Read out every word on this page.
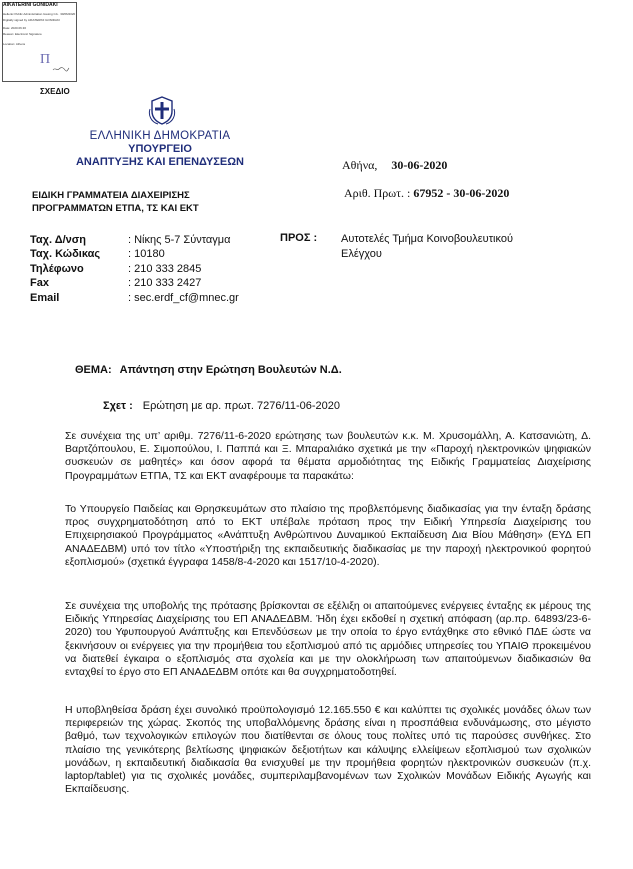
AIKATERINI GONIDAKI
Hellenic Public Administration Issuing CA · 30/06/2020
Digitally signed by AIKATERINI GONIDAKI
Date: 2020.06.30
Reason: Electronic Signature
Location: Athens
Π
ΣΧΕΔΙΟ
ΕΛΛΗΝΙΚΗ ΔΗΜΟΚΡΑΤΙΑ
ΥΠΟΥΡΓΕΙΟ
ΑΝΑΠΤΥΞΗΣ ΚΑΙ ΕΠΕΝΔΥΣΕΩΝ
ΕΙΔΙΚΗ ΓΡΑΜΜΑΤΕΙΑ ΔΙΑΧΕΙΡΙΣΗΣ
ΠΡΟΓΡΑΜΜΑΤΩΝ ΕΤΠΑ, ΤΣ ΚΑΙ ΕΚΤ
Αθήνα, 30-06-2020
Αριθ. Πρωτ. : 67952 - 30-06-2020
Ταχ. Δ/νση	: Νίκης 5-7 Σύνταγμα
Ταχ. Κώδικας	: 10180
Τηλέφωνο	: 210 333 2845
Fax	: 210 333 2427
Email	: sec.erdf_cf@mnec.gr
ΠΡΟΣ : Αυτοτελές Τμήμα Κοινοβουλευτικού Ελέγχου
ΘΕΜΑ: Απάντηση στην Ερώτηση Βουλευτών Ν.Δ.
Σχετ : Ερώτηση με αρ. πρωτ. 7276/11-06-2020
Σε συνέχεια της υπ’ αριθμ. 7276/11-6-2020 ερώτησης των βουλευτών κ.κ. Μ. Χρυσομάλλη, Α. Κατσανιώτη, Δ. Βαρτζόπουλου, Ε. Σιμοπούλου, Ι. Παππά και Ξ. Μπαραλιάκο σχετικά με την «Παροχή ηλεκτρονικών ψηφιακών συσκευών σε μαθητές» και όσον αφορά τα θέματα αρμοδιότητας της Ειδικής Γραμματείας Διαχείρισης Προγραμμάτων ΕΤΠΑ, ΤΣ και ΕΚΤ αναφέρουμε τα παρακάτω:
Το Υπουργείο Παιδείας και Θρησκευμάτων στο πλαίσιο της προβλεπόμενης διαδικασίας για την ένταξη δράσης προς συγχρηματοδότηση από το ΕΚΤ υπέβαλε πρόταση προς την Ειδική Υπηρεσία Διαχείρισης του Επιχειρησιακού Προγράμματος «Ανάπτυξη Ανθρώπινου Δυναμικού Εκπαίδευση Δια Βίου Μάθηση» (ΕΥΔ ΕΠ ΑΝΑΔΕΔΒΜ) υπό τον τίτλο «Υποστήριξη της εκπαιδευτικής διαδικασίας με την παροχή ηλεκτρονικού φορητού εξοπλισμού» (σχετικά έγγραφα 1458/8-4-2020 και 1517/10-4-2020).
Σε συνέχεια της υποβολής της πρότασης βρίσκονται σε εξέλιξη οι απαιτούμενες ενέργειες ένταξης εκ μέρους της Ειδικής Υπηρεσίας Διαχείρισης του ΕΠ ΑΝΑΔΕΔΒΜ. Ήδη έχει εκδοθεί η σχετική απόφαση (αρ.πρ. 64893/23-6-2020) του Υφυπουργού Ανάπτυξης και Επενδύσεων με την οποία το έργο εντάχθηκε στο εθνικό ΠΔΕ ώστε να ξεκινήσουν οι ενέργειες για την προμήθεια του εξοπλισμού από τις αρμόδιες υπηρεσίες του ΥΠΑΙΘ προκειμένου να διατεθεί έγκαιρα ο εξοπλισμός στα σχολεία και με την ολοκλήρωση των απαιτούμενων διαδικασιών θα ενταχθεί το έργο στο ΕΠ ΑΝΑΔΕΔΒΜ οπότε και θα συγχρηματοδοτηθεί.
Η υποβληθείσα δράση έχει συνολικό προϋπολογισμό 12.165.550 € και καλύπτει τις σχολικές μονάδες όλων των περιφερειών της χώρας. Σκοπός της υποβαλλόμενης δράσης είναι η προσπάθεια ενδυνάμωσης, στο μέγιστο βαθμό, των τεχνολογικών επιλογών που διατίθενται σε όλους τους πολίτες υπό τις παρούσες συνθήκες. Στο πλαίσιο της γενικότερης βελτίωσης ψηφιακών δεξιοτήτων και κάλυψης ελλείψεων εξοπλισμού των σχολικών μονάδων, η εκπαιδευτική διαδικασία θα ενισχυθεί με την προμήθεια φορητών ηλεκτρονικών συσκευών (π.χ. laptop/tablet) για τις σχολικές μονάδες, συμπεριλαμβανομένων των Σχολικών Μονάδων Ειδικής Αγωγής και Εκπαίδευσης.
